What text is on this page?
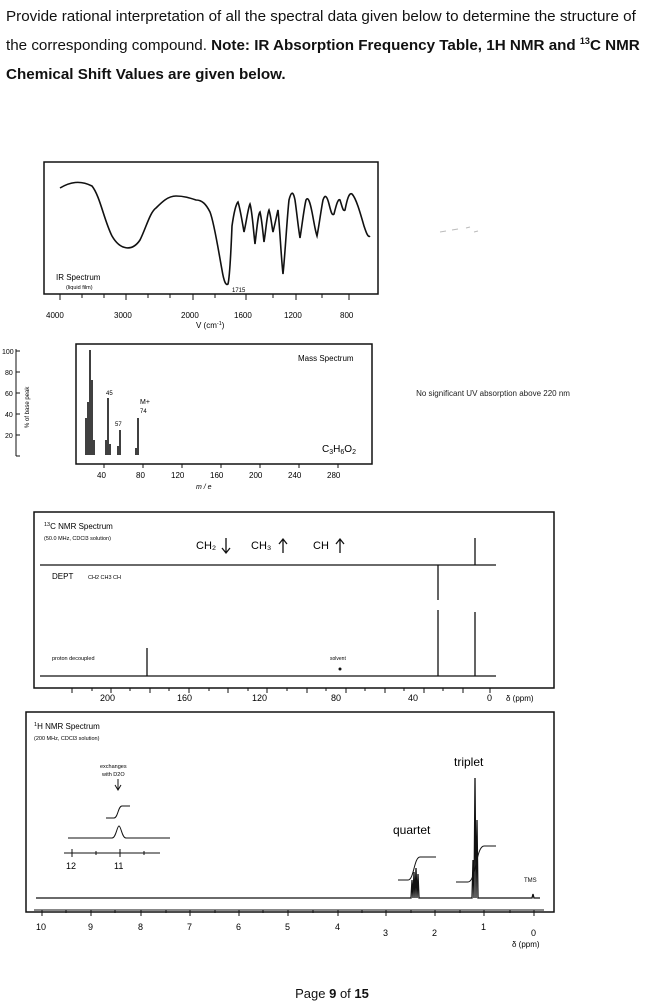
Provide rational interpretation of all the spectral data given below to determine the structure of the corresponding compound. Note: IR Absorption Frequency Table, 1H NMR and $^{13}$C NMR Chemical Shift Values are given below.
IR Spectrum
(liquid film)	1715
4000	3000	2000	1600	1200	800
V $(cm^{-1})$
Mass Spectrum
100
80
60
40
20
% of base peak	45
57
M+
74
$C_3H_6O_2$
40	80	120	160	200	240	280
m / e
$^{13}$C NMR Spectrum
(50.0 MHz, CDCl3 solution)
CH₂	CH₃	CH
DEPT	CH2 CH3 CH
proton decoupled	solvent
200	160	120	80	40	0 δ (ppm)
$^1$H NMR Spectrum
(200 MHz, CDCl3 solution)
exchanges
with D2O
12	11
triplet
quartet
TMS
10	9	8	7	6	5	4
3	2
1
0
δ (ppm)
No significant UV absorption above 220 nm
Page 9 of 15
